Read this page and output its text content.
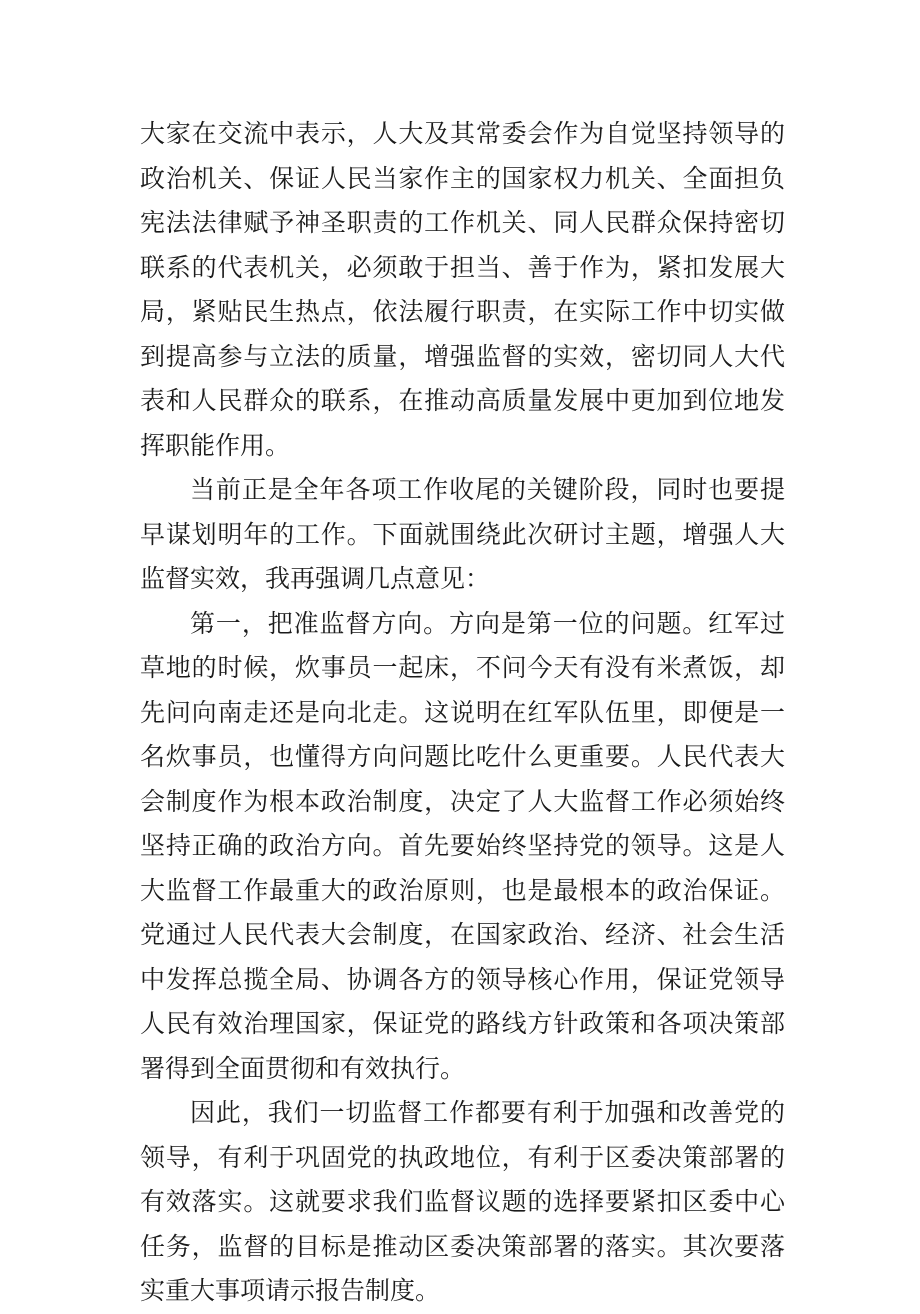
大家在交流中表示，人大及其常委会作为自觉坚持领导的政治机关、保证人民当家作主的国家权力机关、全面担负宪法法律赋予神圣职责的工作机关、同人民群众保持密切联系的代表机关，必须敢于担当、善于作为，紧扣发展大局，紧贴民生热点，依法履行职责，在实际工作中切实做到提高参与立法的质量，增强监督的实效，密切同人大代表和人民群众的联系，在推动高质量发展中更加到位地发挥职能作用。

当前正是全年各项工作收尾的关键阶段，同时也要提早谋划明年的工作。下面就围绕此次研讨主题，增强人大监督实效，我再强调几点意见：

第一，把准监督方向。方向是第一位的问题。红军过草地的时候，炊事员一起床，不问今天有没有米煮饭，却先问向南走还是向北走。这说明在红军队伍里，即便是一名炊事员，也懂得方向问题比吃什么更重要。人民代表大会制度作为根本政治制度，决定了人大监督工作必须始终坚持正确的政治方向。首先要始终坚持党的领导。这是人大监督工作最重大的政治原则，也是最根本的政治保证。党通过人民代表大会制度，在国家政治、经济、社会生活中发挥总揽全局、协调各方的领导核心作用，保证党领导人民有效治理国家，保证党的路线方针政策和各项决策部署得到全面贯彻和有效执行。

因此，我们一切监督工作都要有利于加强和改善党的领导，有利于巩固党的执政地位，有利于区委决策部署的有效落实。这就要求我们监督议题的选择要紧扣区委中心任务，监督的目标是推动区委决策部署的落实。其次要落实重大事项请示报告制度。
